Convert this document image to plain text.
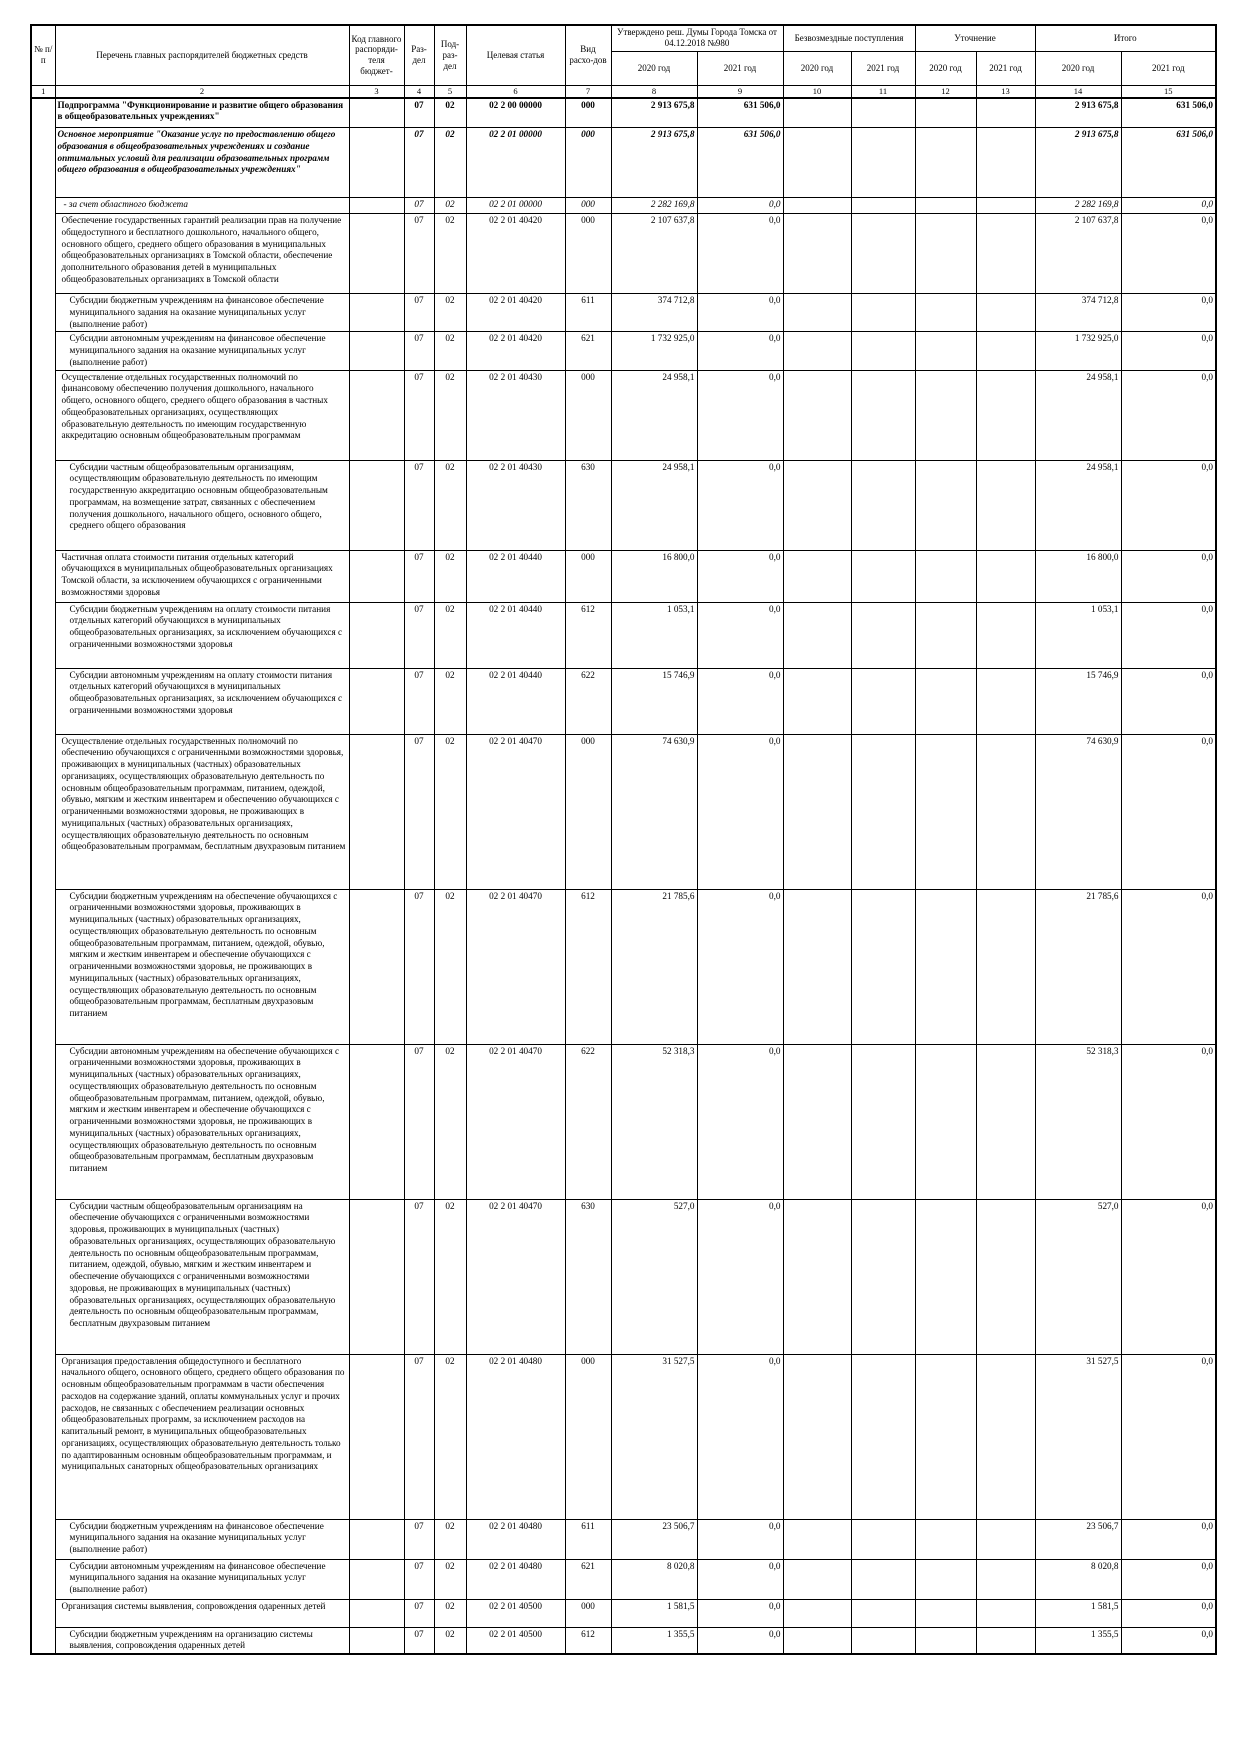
№ п/п	Перечень главных распорядителей бюджетных средств	Код главного распоряди-теля бюджет-	Раз-дел	Под-раз-дел	Целевая статья	Вид расхо-дов	Утверждено реш. Думы Города Томска от 04.12.2018 №980		Безвозмездные поступления		Уточнение		Итого	
							2020 год	2021 год	2020 год	2021 год	2020 год	2021 год	2020 год	2021 год
1	2	3	4	5	6	7	8	9	10	11	12	13	14	15
	Подпрограмма "Функционирование и развитие общего образования в общеобразовательных учреждениях"		07	02	02 2 00 00000	000	2 913 675,8	631 506,0					2 913 675,8	631 506,0
	Основное мероприятие "Оказание услуг по предоставлению общего образования в общеобразовательных учреждениях и создание оптимальных условий для реализации образовательных программ общего образования в общеобразовательных учреждениях"		07	02	02 2 01 00000	000	2 913 675,8	631 506,0					2 913 675,8	631 506,0
	- за счет областного бюджета		07	02	02 2 01 00000	000	2 282 169,8	0,0					2 282 169,8	0,0
	Обеспечение государственных гарантий реализации прав на получение общедоступного и бесплатного дошкольного, начального общего, основного общего, среднего общего образования в муниципальных общеобразовательных организациях в Томской области, обеспечение дополнительного образования детей в муниципальных общеобразовательных организациях в Томской области		07	02	02 2 01 40420	000	2 107 637,8	0,0					2 107 637,8	0,0
	Субсидии бюджетным учреждениям на финансовое обеспечение муниципального задания на оказание муниципальных услуг (выполнение работ)		07	02	02 2 01 40420	611	374 712,8	0,0					374 712,8	0,0
	Субсидии автономным учреждениям на финансовое обеспечение муниципального задания на оказание муниципальных услуг (выполнение работ)		07	02	02 2 01 40420	621	1 732 925,0	0,0					1 732 925,0	0,0
	Осуществление отдельных государственных полномочий по финансовому обеспечению получения дошкольного, начального общего, основного общего, среднего общего образования в частных общеобразовательных организациях, осуществляющих образовательную деятельность по имеющим государственную аккредитацию основным общеобразовательным программам		07	02	02 2 01 40430	000	24 958,1	0,0					24 958,1	0,0
	Субсидии частным общеобразовательным организациям, осуществляющим образовательную деятельность по имеющим государственную аккредитацию основным общеобразовательным программам, на возмещение затрат, связанных с обеспечением получения дошкольного, начального общего, основного общего, среднего общего образования		07	02	02 2 01 40430	630	24 958,1	0,0					24 958,1	0,0
	Частичная оплата стоимости питания отдельных категорий обучающихся в муниципальных общеобразовательных организациях Томской области, за исключением обучающихся с ограниченными возможностями здоровья		07	02	02 2 01 40440	000	16 800,0	0,0					16 800,0	0,0
	Субсидии бюджетным учреждениям на оплату стоимости питания отдельных категорий обучающихся в муниципальных общеобразовательных организациях, за исключением обучающихся с ограниченными возможностями здоровья		07	02	02 2 01 40440	612	1 053,1	0,0					1 053,1	0,0
	Субсидии автономным учреждениям на оплату стоимости питания отдельных категорий обучающихся в муниципальных общеобразовательных организациях, за исключением обучающихся с ограниченными возможностями здоровья		07	02	02 2 01 40440	622	15 746,9	0,0					15 746,9	0,0
	Осуществление отдельных государственных полномочий по обеспечению обучающихся с ограниченными возможностями здоровья, проживающих в муниципальных (частных) образовательных организациях, осуществляющих образовательную деятельность по основным общеобразовательным программам, питанием, одеждой, обувью, мягким и жестким инвентарем и обеспечению обучающихся с ограниченными возможностями здоровья, не проживающих в муниципальных (частных) образовательных организациях, осуществляющих образовательную деятельность по основным общеобразовательным программам, бесплатным двухразовым питанием		07	02	02 2 01 40470	000	74 630,9	0,0					74 630,9	0,0
	Субсидии бюджетным учреждениям на обеспечение обучающихся с ограниченными возможностями здоровья, проживающих в муниципальных (частных) образовательных организациях, осуществляющих образовательную деятельность по основным общеобразовательным программам, питанием, одеждой, обувью, мягким и жестким инвентарем и обеспечение обучающихся с ограниченными возможностями здоровья, не проживающих в муниципальных (частных) образовательных организациях, осуществляющих образовательную деятельность по основным общеобразовательным программам, бесплатным двухразовым питанием		07	02	02 2 01 40470	612	21 785,6	0,0					21 785,6	0,0
	Субсидии автономным учреждениям на обеспечение обучающихся с ограниченными возможностями здоровья, проживающих в муниципальных (частных) образовательных организациях, осуществляющих образовательную деятельность по основным общеобразовательным программам, питанием, одеждой, обувью, мягким и жестким инвентарем и обеспечение обучающихся с ограниченными возможностями здоровья, не проживающих в муниципальных (частных) образовательных организациях, осуществляющих образовательную деятельность по основным общеобразовательным программам, бесплатным двухразовым питанием		07	02	02 2 01 40470	622	52 318,3	0,0					52 318,3	0,0
	Субсидии частным общеобразовательным организациям на обеспечение обучающихся с ограниченными возможностями здоровья, проживающих в муниципальных (частных) образовательных организациях, осуществляющих образовательную деятельность по основным общеобразовательным программам, питанием, одеждой, обувью, мягким и жестким инвентарем и обеспечение обучающихся с ограниченными возможностями здоровья, не проживающих в муниципальных (частных) образовательных организациях, осуществляющих образовательную деятельность по основным общеобразовательным программам, бесплатным двухразовым питанием		07	02	02 2 01 40470	630	527,0	0,0					527,0	0,0
	Организация предоставления общедоступного и бесплатного начального общего, основного общего, среднего общего образования по основным общеобразовательным программам в части обеспечения расходов на содержание зданий, оплаты коммунальных услуг и прочих расходов, не связанных с обеспечением реализации основных общеобразовательных программ, за исключением расходов на капитальный ремонт, в муниципальных общеобразовательных организациях, осуществляющих образовательную деятельность только по адаптированным основным общеобразовательным программам, и муниципальных санаторных общеобразовательных организациях		07	02	02 2 01 40480	000	31 527,5	0,0					31 527,5	0,0
	Субсидии бюджетным учреждениям на финансовое обеспечение муниципального задания на оказание муниципальных услуг (выполнение работ)		07	02	02 2 01 40480	611	23 506,7	0,0					23 506,7	0,0
	Субсидии автономным учреждениям на финансовое обеспечение муниципального задания на оказание муниципальных услуг (выполнение работ)		07	02	02 2 01 40480	621	8 020,8	0,0					8 020,8	0,0
	Организация системы выявления, сопровождения одаренных детей		07	02	02 2 01 40500	000	1 581,5	0,0					1 581,5	0,0
	Субсидии бюджетным учреждениям на организацию системы выявления, сопровождения одаренных детей		07	02	02 2 01 40500	612	1 355,5	0,0					1 355,5	0,0
